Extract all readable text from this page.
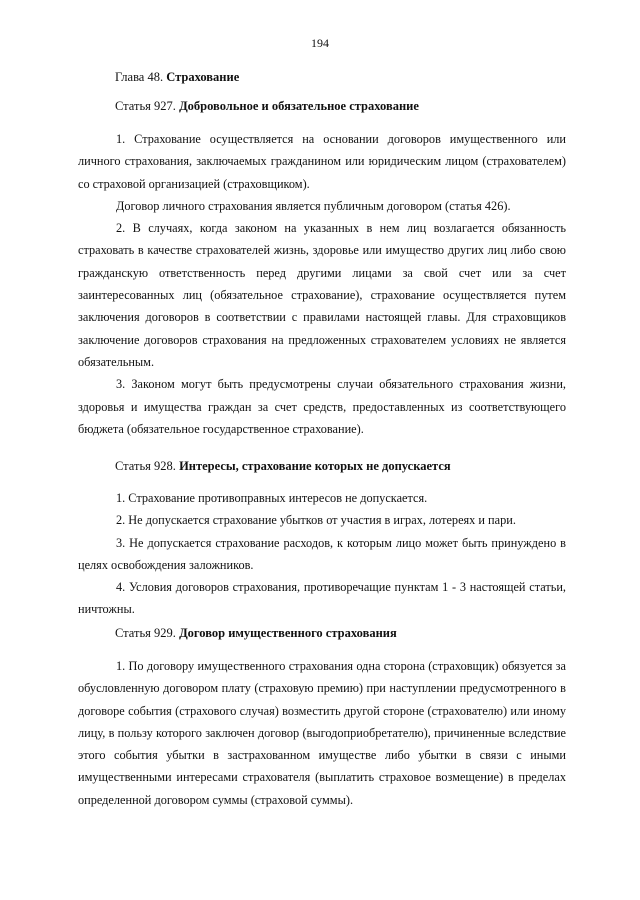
194
Глава 48. Страхование
Статья 927. Добровольное и обязательное страхование

1. Страхование осуществляется на основании договоров имущественного или личного страхования, заключаемых гражданином или юридическим лицом (страхователем) со страховой организацией (страховщиком).

Договор личного страхования является публичным договором (статья 426).

2. В случаях, когда законом на указанных в нем лиц возлагается обязанность страховать в качестве страхователей жизнь, здоровье или имущество других лиц либо свою гражданскую ответственность перед другими лицами за свой счет или за счет заинтересованных лиц (обязательное страхование), страхование осуществляется путем заключения договоров в соответствии с правилами настоящей главы. Для страховщиков заключение договоров страхования на предложенных страхователем условиях не является обязательным.

3. Законом могут быть предусмотрены случаи обязательного страхования жизни, здоровья и имущества граждан за счет средств, предоставленных из соответствующего бюджета (обязательное государственное страхование).

Статья 928. Интересы, страхование которых не допускается

1. Страхование противоправных интересов не допускается.

2. Не допускается страхование убытков от участия в играх, лотереях и пари.

3. Не допускается страхование расходов, к которым лицо может быть принуждено в целях освобождения заложников.

4. Условия договоров страхования, противоречащие пунктам 1 - 3 настоящей статьи, ничтожны.

Статья 929. Договор имущественного страхования

1. По договору имущественного страхования одна сторона (страховщик) обязуется за обусловленную договором плату (страховую премию) при наступлении предусмотренного в договоре события (страхового случая) возместить другой стороне (страхователю) или иному лицу, в пользу которого заключен договор (выгодоприобретателю), причиненные вследствие этого события убытки в застрахованном имуществе либо убытки в связи с иными имущественными интересами страхователя (выплатить страховое возмещение) в пределах определенной договором суммы (страховой суммы).
